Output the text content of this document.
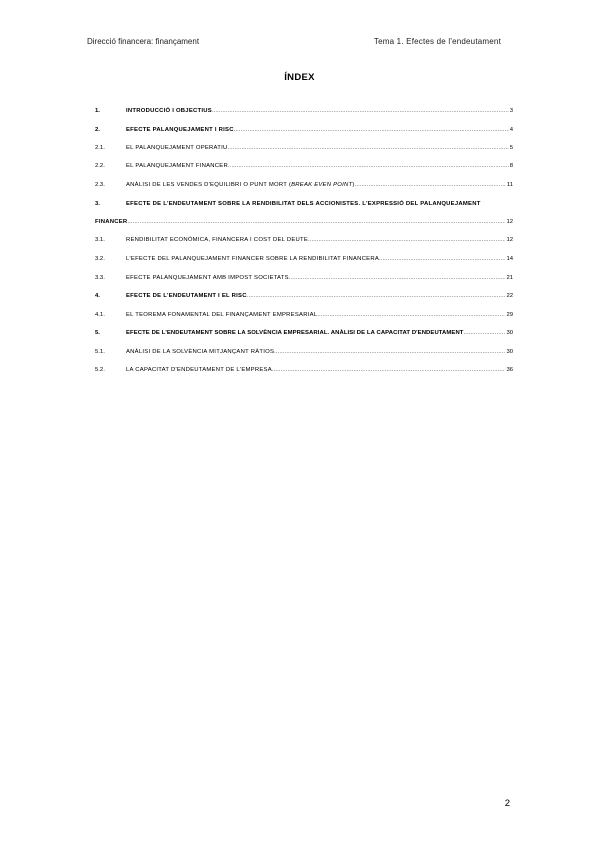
Direcció financera: finançament	Tema 1. Efectes de l'endeutament
ÍNDEX
1.	INTRODUCCIÓ I OBJECTIUS .....	3
2.	EFECTE PALANQUEJAMENT I RISC .....	4
2.1.	EL PALANQUEJAMENT OPERATIU .....	5
2.2.	EL PALANQUEJAMENT FINANCER .....	8
2.3.	ANÀLISI DE LES VENDES D'EQUILIBRI O PUNT MORT (BREAK EVEN POINT) .....	11
3.	EFECTE DE L'ENDEUTAMENT SOBRE LA RENDIBILITAT DELS ACCIONISTES. L'EXPRESSIÓ DEL PALANQUEJAMENT
FINANCER .....	12
3.1.	RENDIBILITAT ECONÒMICA, FINANCERA I COST DEL DEUTE .....	12
3.2.	L'EFECTE DEL PALANQUEJAMENT FINANCER SOBRE LA RENDIBILITAT FINANCERA .....	14
3.3.	EFECTE PALANQUEJAMENT AMB IMPOST SOCIETATS .....	21
4.	EFECTE DE L'ENDEUTAMENT I EL RISC .....	22
4.1.	EL TEOREMA FONAMENTAL DEL FINANÇAMENT EMPRESARIAL .....	29
5.	EFECTE DE L'ENDEUTAMENT SOBRE LA SOLVÈNCIA EMPRESARIAL. ANÀLISI DE LA CAPACITAT D'ENDEUTAMENT .....	30
5.1.	ANÀLISI DE LA SOLVÈNCIA MITJANÇANT RÀTIOS .....	30
5.2.	LA CAPACITAT D'ENDEUTAMENT DE L'EMPRESA .....	36
2
